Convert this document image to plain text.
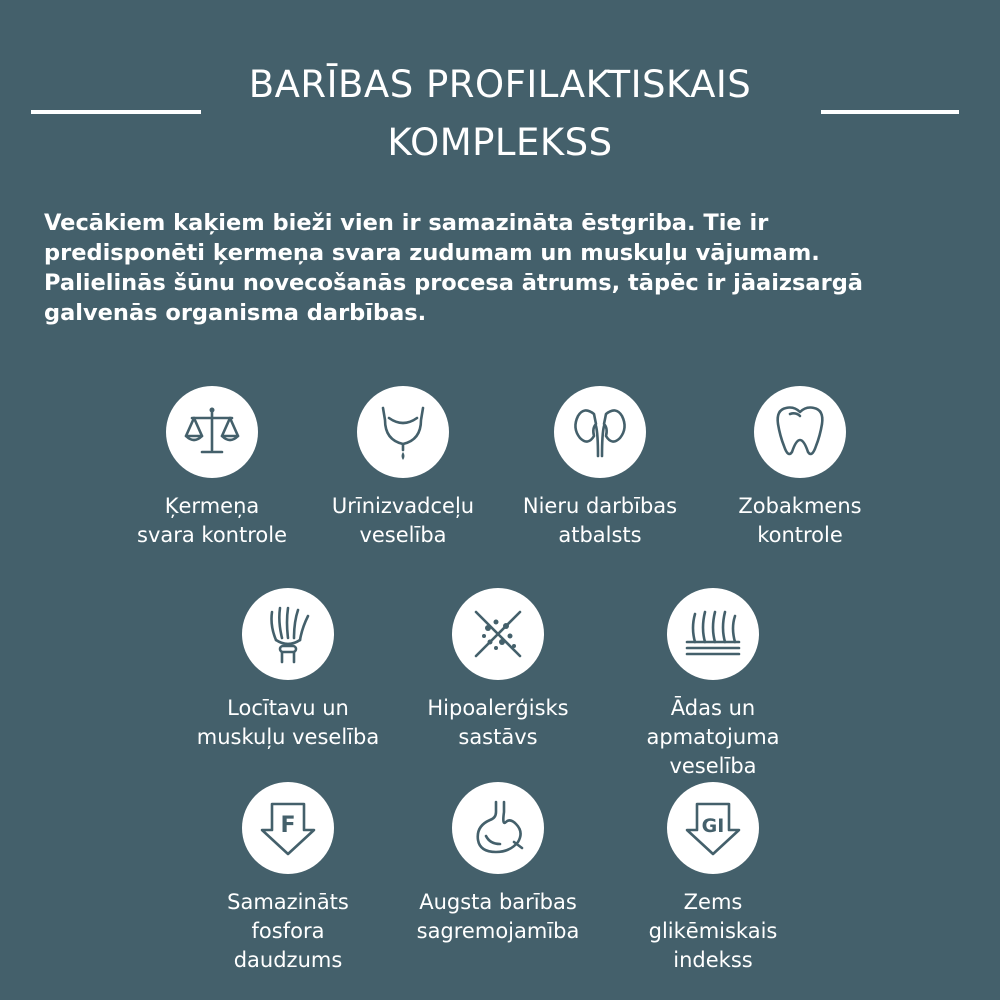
BARĪBAS PROFILAKTISKAIS
KOMPLEKSS
Vecākiem kaķiem bieži vien ir samazināta ēstgriba. Tie ir
predisponēti ķermeņa svara zudumam un muskuļu vājumam.
Palielinās šūnu novecošanās procesa ātrums, tāpēc ir jāaizsargā
galvenās organisma darbības.
Ķermeņa
svara kontrole
Urīnizvadceļu
veselība
Nieru darbības
atbalsts
Zobakmens
kontrole
Locītavu un
muskuļu veselība
Hipoalerģisks
sastāvs
Ādas un
apmatojuma
veselība
F
Samazināts
fosfora
daudzums
Augsta barības
sagremojamība
GI
Zems
glikēmiskais
indekss
